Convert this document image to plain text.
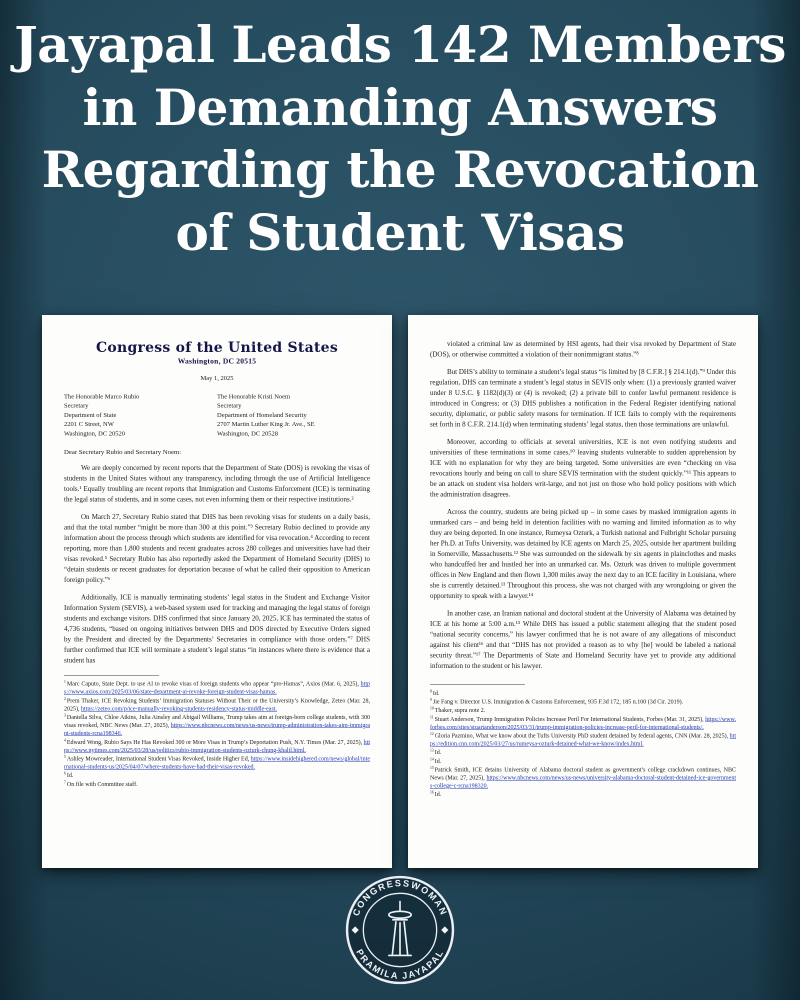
Jayapal Leads 142 Members
in Demanding Answers
Regarding the Revocation
of Student Visas
Congress of the United States
Washington, DC 20515
May 1, 2025
The Honorable Marco Rubio
Secretary
Department of State
2201 C Street, NW
Washington, DC 20520
The Honorable Kristi Noem
Secretary
Department of Homeland Security
2707 Martin Luther King Jr. Ave., SE
Washington, DC 20528
Dear Secretary Rubio and Secretary Noem:

We are deeply concerned by recent reports that the Department of State (DOS) is revoking the visas of students in the United States without any transparency, including through the use of Artificial Intelligence tools.¹ Equally troubling are recent reports that Immigration and Customs Enforcement (ICE) is terminating the legal status of students, and in some cases, not even informing them or their respective institutions.²

On March 27, Secretary Rubio stated that DHS has been revoking visas for students on a daily basis, and that the total number “might be more than 300 at this point.”³ Secretary Rubio declined to provide any information about the process through which students are identified for visa revocation.⁴ According to recent reporting, more than 1,800 students and recent graduates across 280 colleges and universities have had their visas revoked.⁵ Secretary Rubio has also reportedly asked the Department of Homeland Security (DHS) to “detain students or recent graduates for deportation because of what he called their opposition to American foreign policy.”⁶

Additionally, ICE is manually terminating students’ legal status in the Student and Exchange Visitor Information System (SEVIS), a web-based system used for tracking and managing the legal status of foreign students and exchange visitors. DHS confirmed that since January 20, 2025, ICE has terminated the status of 4,736 students, “based on ongoing initiatives between DHS and DOS directed by Executive Orders signed by the President and directed by the Departments’ Secretaries in compliance with those orders.”⁷ DHS further confirmed that ICE will terminate a student’s legal status “in instances where there is evidence that a student has

$^1$Marc Caputo, State Dept. to use AI to revoke visas of foreign students who appear “pro-Hamas”, Axios (Mar. 6, 2025), https://www.axios.com/2025/03/06/state-department-ai-revoke-foreign-student-visas-hamas.
$^2$Prem Thaker, ICE Revoking Students’ Immigration Statuses Without Their or the University’s Knowledge, Zeteo (Mar. 28, 2025), https://zeteo.com/p/ice-manually-revoking-students-residency-status-middle-east.
$^3$Daniella Silva, Chloe Atkins, Julia Ainsley and Abigail Williams, Trump takes aim at foreign-born college students, with 300 visas revoked, NBC News (Mar. 27, 2025), https://www.nbcnews.com/news/us-news/trump-administration-takes-aim-immigrant-students-rcna198346.
$^4$Edward Wong, Rubio Says He Has Revoked 300 or More Visas in Trump’s Deportation Push, N.Y. Times (Mar. 27, 2025), https://www.nytimes.com/2025/03/28/us/politics/rubio-immigration-students-ozturk-chung-khalil.html.
$^5$Ashley Mowreader, International Student Visas Revoked, Inside Higher Ed, https://www.insidehighered.com/news/global/international-students-us/2025/04/07/where-students-have-had-their-visas-revoked.
$^6$Id.
$^7$On file with Committee staff.

violated a criminal law as determined by HSI agents, had their visa revoked by Department of State (DOS), or otherwise committed a violation of their nonimmigrant status.”⁸

But DHS’s ability to terminate a student’s legal status “is limited by [8 C.F.R.] § 214.1(d).”⁹ Under this regulation, DHS can terminate a student’s legal status in SEVIS only when: (1) a previously granted waiver under 8 U.S.C. § 1182(d)(3) or (4) is revoked; (2) a private bill to confer lawful permanent residence is introduced in Congress; or (3) DHS publishes a notification in the Federal Register identifying national security, diplomatic, or public safety reasons for termination. If ICE fails to comply with the requirements set forth in 8 C.F.R. 214.1(d) when terminating students’ legal status, then those terminations are unlawful.

Moreover, according to officials at several universities, ICE is not even notifying students and universities of these terminations in some cases,¹⁰ leaving students vulnerable to sudden apprehension by ICE with no explanation for why they are being targeted. Some universities are even “checking on visa revocations hourly and being on call to share SEVIS termination with the student quickly.”¹¹ This appears to be an attack on student visa holders writ-large, and not just on those who hold policy positions with which the administration disagrees.

Across the country, students are being picked up – in some cases by masked immigration agents in unmarked cars – and being held in detention facilities with no warning and limited information as to why they are being deported. In one instance, Rumeysa Ozturk, a Turkish national and Fulbright Scholar pursuing her Ph.D. at Tufts University, was detained by ICE agents on March 25, 2025, outside her apartment building in Somerville, Massachusetts.¹² She was surrounded on the sidewalk by six agents in plainclothes and masks who handcuffed her and hustled her into an unmarked car. Ms. Ozturk was driven to multiple government offices in New England and then flown 1,300 miles away the next day to an ICE facility in Louisiana, where she is currently detained.¹³ Throughout this process, she was not charged with any wrongdoing or given the opportunity to speak with a lawyer.¹⁴

In another case, an Iranian national and doctoral student at the University of Alabama was detained by ICE at his home at 5:00 a.m.¹⁵ While DHS has issued a public statement alleging that the student posed “national security concerns,” his lawyer confirmed that he is not aware of any allegations of misconduct against his client¹⁶ and that “DHS has not provided a reason as to why [he] would be labeled a national security threat.”¹⁷ The Departments of State and Homeland Security have yet to provide any additional information to the student or his lawyer.

$^8$Id.
$^9$Jie Fang v. Director U.S. Immigration & Customs Enforcement, 935 F.3d 172, 185 n.100 (3d Cir. 2019).
$^{10}$Thaker, supra note 2.
$^{11}$Stuart Anderson, Trump Immigration Policies Increase Peril For International Students, Forbes (Mar. 31, 2025), https://www.forbes.com/sites/stuartanderson/2025/03/31/trump-immigration-policies-increase-peril-for-international-students/.
$^{12}$Gloria Pazmino, What we know about the Tufts University PhD student detained by federal agents, CNN (Mar. 28, 2025), https://edition.cnn.com/2025/03/27/us/rumeysa-ozturk-detained-what-we-know/index.html.
$^{13}$Id.
$^{14}$Id.
$^{15}$Patrick Smith, ICE detains University of Alabama doctoral student as government’s college crackdown continues, NBC News (Mar. 27, 2025), https://www.nbcnews.com/news/us-news/university-alabama-doctoral-student-detained-ice-governments-college-c-rcna198320.
$^{16}$Id.
CONGRESSWOMAN
PRAMILA JAYAPAL
